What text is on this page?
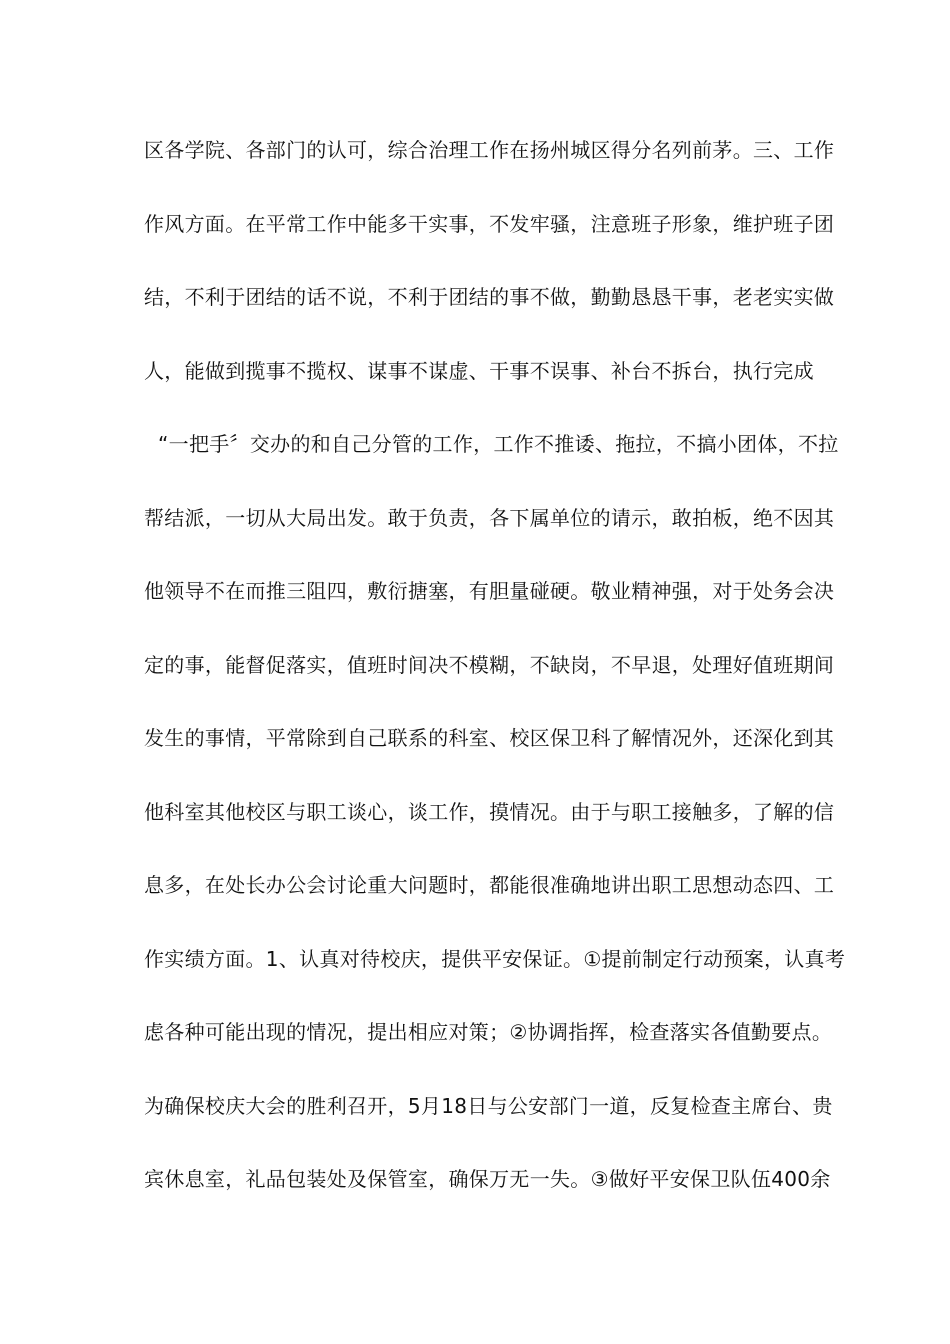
区各学院、各部门的认可，综合治理工作在扬州城区得分名列前茅。三、工作
作风方面。在平常工作中能多干实事，不发牢骚，注意班子形象，维护班子团
结，不利于团结的话不说，不利于团结的事不做，勤勤恳恳干事，老老实实做
人，能做到揽事不揽权、谋事不谋虚、干事不误事、补台不拆台，执行完成
“一把手〞交办的和自己分管的工作，工作不推诿、拖拉，不搞小团体，不拉
帮结派，一切从大局出发。敢于负责，各下属单位的请示，敢拍板，绝不因其
他领导不在而推三阻四，敷衍搪塞，有胆量碰硬。敬业精神强，对于处务会决
定的事，能督促落实，值班时间决不模糊，不缺岗，不早退，处理好值班期间
发生的事情，平常除到自己联系的科室、校区保卫科了解情况外，还深化到其
他科室其他校区与职工谈心，谈工作，摸情况。由于与职工接触多，了解的信
息多，在处长办公会讨论重大问题时，都能很准确地讲出职工思想动态四、工
作实绩方面。1、认真对待校庆，提供平安保证。①提前制定行动预案，认真考
虑各种可能出现的情况，提出相应对策；②协调指挥，检查落实各值勤要点。
为确保校庆大会的胜利召开，5月18日与公安部门一道，反复检查主席台、贵
宾休息室，礼品包装处及保管室，确保万无一失。③做好平安保卫队伍400余
